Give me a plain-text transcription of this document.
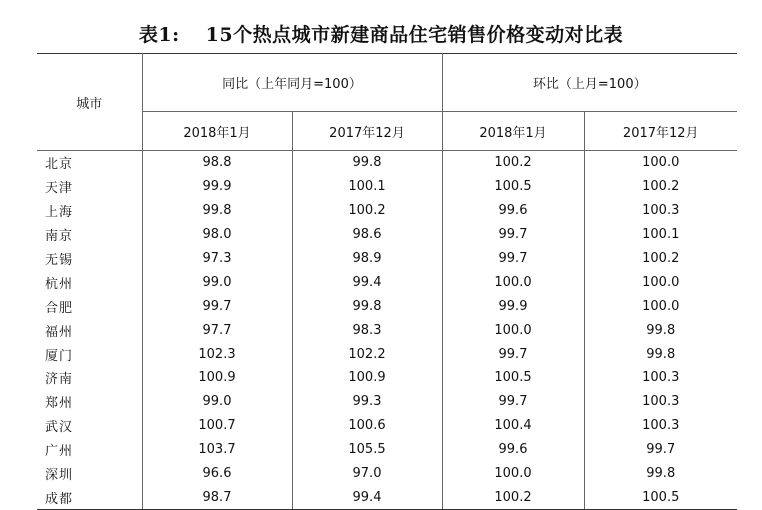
表1: 15个热点城市新建商品住宅销售价格变动对比表
城市	同比（上年同月=100）		环比（上月=100）	
	2018年1月	2017年12月	2018年1月	2017年12月
北京	98.8	99.8	100.2	100.0
天津	99.9	100.1	100.5	100.2
上海	99.8	100.2	99.6	100.3
南京	98.0	98.6	99.7	100.1
无锡	97.3	98.9	99.7	100.2
杭州	99.0	99.4	100.0	100.0
合肥	99.7	99.8	99.9	100.0
福州	97.7	98.3	100.0	99.8
厦门	102.3	102.2	99.7	99.8
济南	100.9	100.9	100.5	100.3
郑州	99.0	99.3	99.7	100.3
武汉	100.7	100.6	100.4	100.3
广州	103.7	105.5	99.6	99.7
深圳	96.6	97.0	100.0	99.8
成都	98.7	99.4	100.2	100.5
